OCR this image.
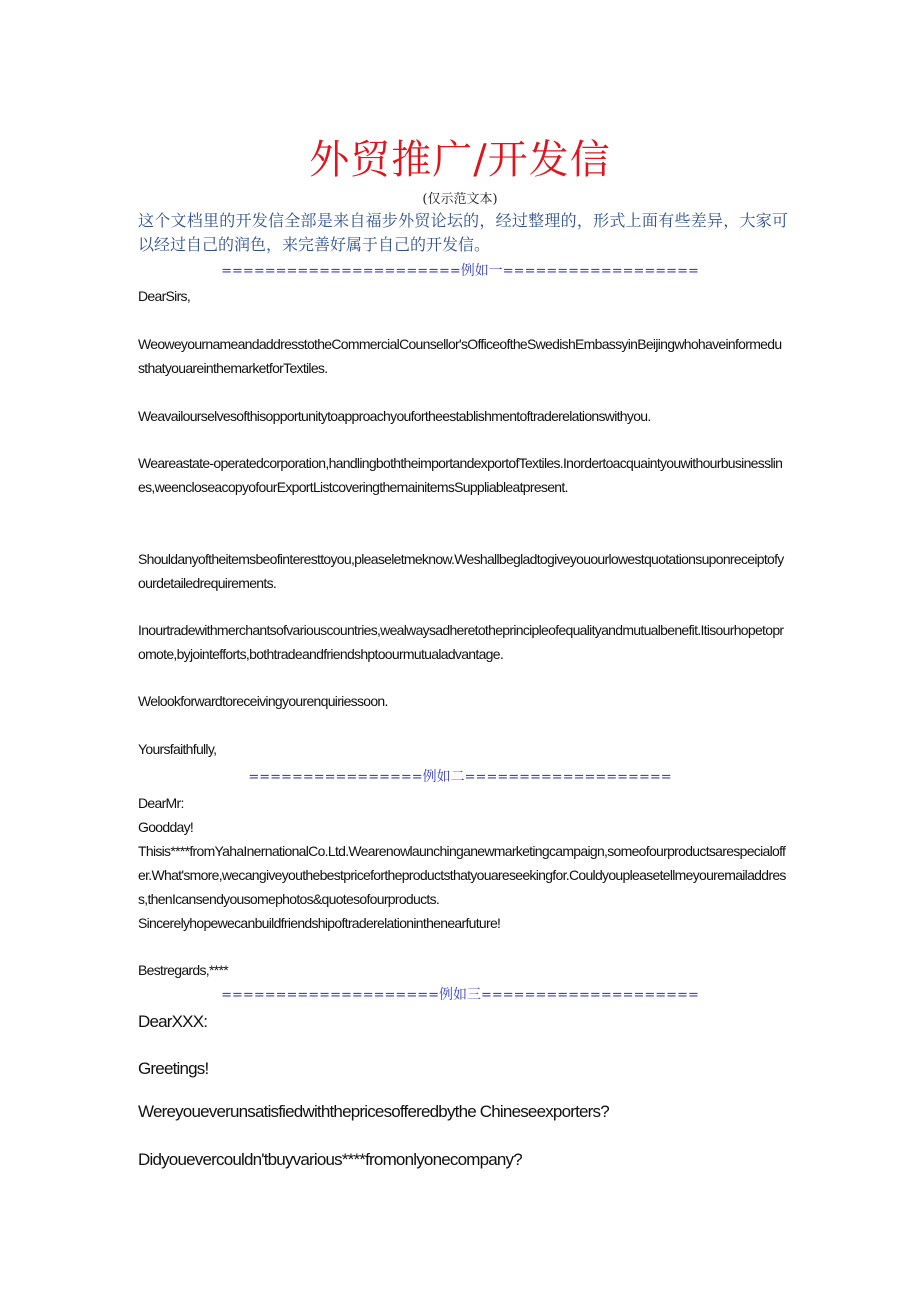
外贸推广/开发信
(仅示范文本)
这个文档里的开发信全部是来自福步外贸论坛的，经过整理的，形式上面有些差异，大家可以经过自己的润色，来完善好属于自己的开发信。
======================例如一==================
DearSirs,
WeoweyournameandaddresstotheCommercialCounsellor'sOfficeoftheSwedishEmbassyinBeijingwhohaveinformedusthatyouareinthemarketforTextiles.
Weavailourselvesofthisopportunitytoapproachyoufortheestablishmentoftraderelationswithyou.
Weareastate-operatedcorporation,handlingboththeimportandexportofTextiles.Inordertoacquaintyouwithourbusinesslines,weencloseacopyofourExportListcoveringthemainitemsSuppliableatpresent.
Shouldanyoftheitemsbeofinteresttoyou,pleaseletmeknow.Weshallbegladtogiveyouourlowestquotationsuponreceiptofyourdetailedrequirements.
Inourtradewithmerchantsofvariouscountries,wealwaysadheretotheprincipleofequalityandmutualbenefit.Itisourhopetopromote,byjointefforts,bothtradeandfriendshptoourmutualadvantage.
Welookforwardtoreceivingyourenquiriessoon.
Yoursfaithfully,
================例如二===================
DearMr:
Goodday!
Thisis****fromYahaInernationalCo.Ltd.Wearenowlaunchinganewmarketingcampaign,someofourproductsarespecialoffer.What'smore,wecangiveyouthebestpricefortheproductsthatyouareseekingfor.Couldyoupleasetellmeyouremailaddress,thenIcansendyousomephotos&quotesofourproducts.
Sincerelyhopewecanbuildfriendshipoftraderelationinthenearfuture!
Bestregards,****
====================例如三====================
DearXXX:
Greetings!
Wereyoueverunsatisfiedwiththepricesofferedbythe Chineseexporters?
Didyouevercouldn'tbuyvarious****fromonlyonecompany?
